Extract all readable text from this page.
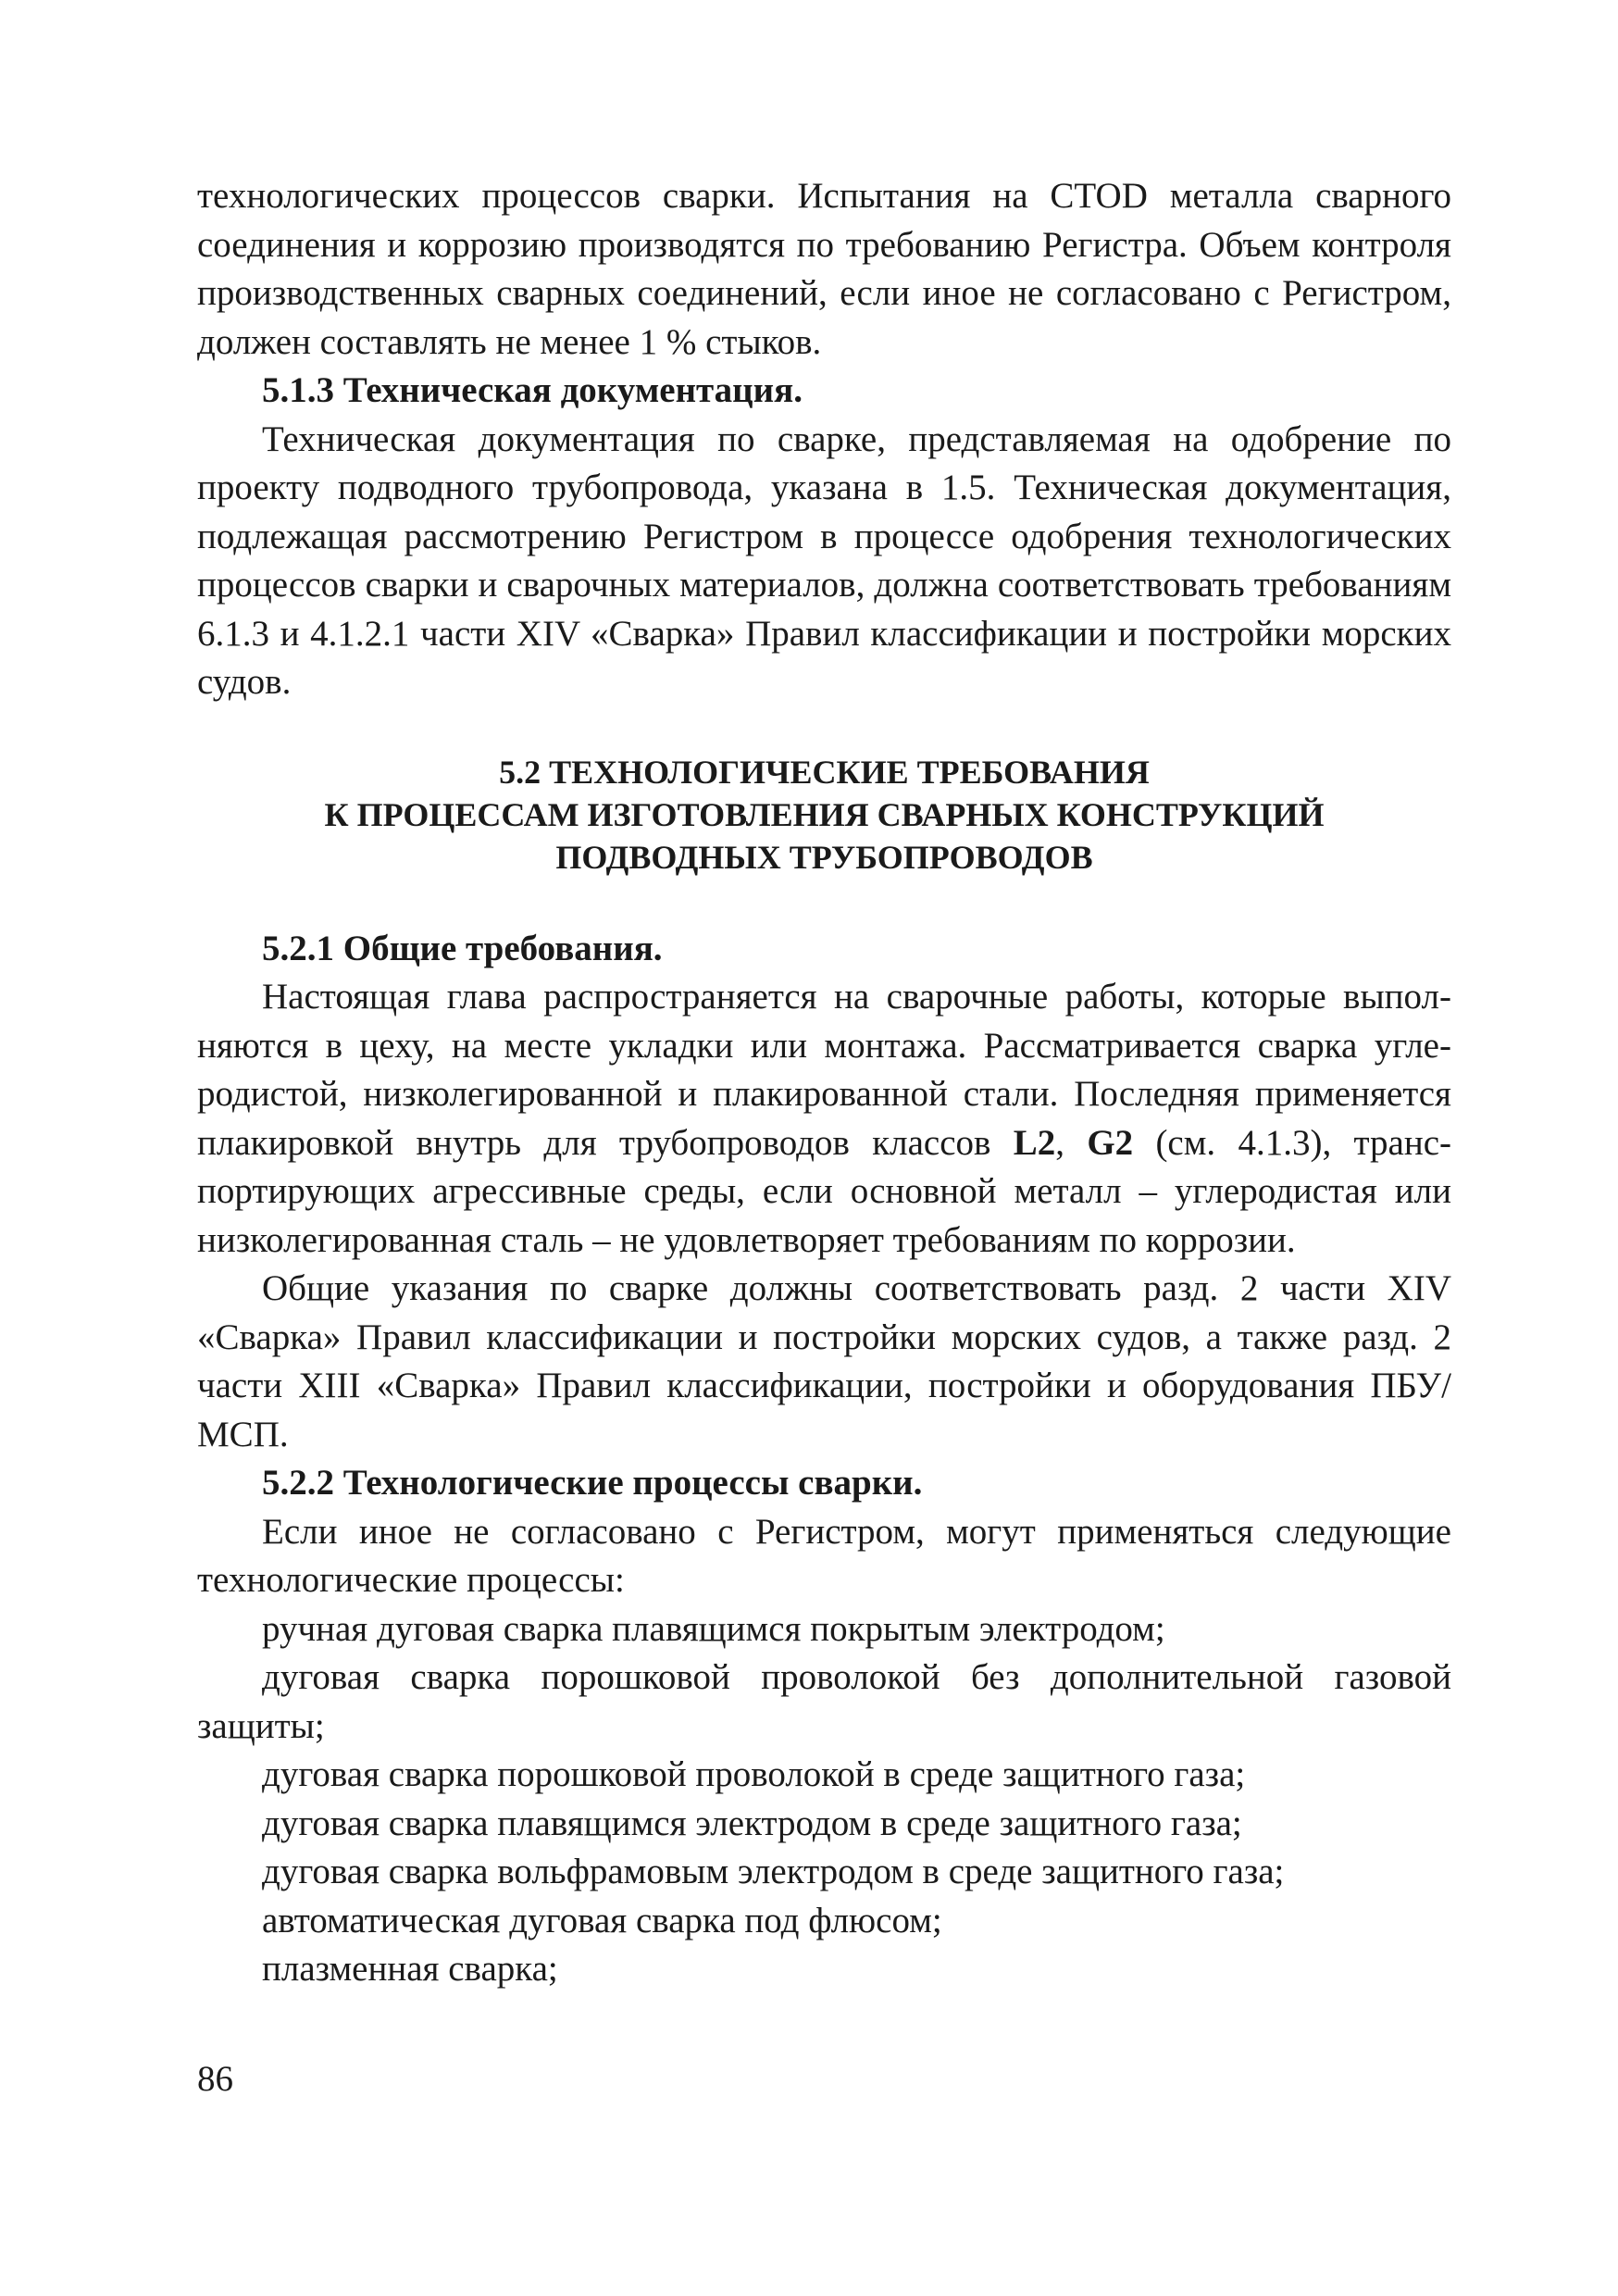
технологических процессов сварки. Испытания на CTOD металла сварного соединения и коррозию производятся по требованию Регистра. Объем контроля производственных сварных соединений, если иное не согласовано с Регистром, должен составлять не менее 1 % стыков.

5.1.3 Техническая документация.

Техническая документация по сварке, представляемая на одобрение по проекту подводного трубопровода, указана в 1.5. Техническая документация, подлежащая рассмотрению Регистром в процессе одобрения технологических процессов сварки и сварочных материалов, должна соответствовать требованиям 6.1.3 и 4.1.2.1 части XIV «Сварка» Правил классификации и постройки морских судов.

5.2 ТЕХНОЛОГИЧЕСКИЕ ТРЕБОВАНИЯ
К ПРОЦЕССАМ ИЗГОТОВЛЕНИЯ СВАРНЫХ КОНСТРУКЦИЙ
ПОДВОДНЫХ ТРУБОПРОВОДОВ

5.2.1 Общие требования.

Настоящая глава распространяется на сварочные работы, которые выполняются в цеху, на месте укладки или монтажа. Рассматривается сварка углеродистой, низколегированной и плакированной стали. Последняя применяется плакировкой внутрь для трубопроводов классов L2, G2 (см. 4.1.3), транспортирующих агрессивные среды, если основной металл – углеродистая или низколегированная сталь – не удовлетворяет требованиям по коррозии.

Общие указания по сварке должны соответствовать разд. 2 части XIV «Сварка» Правил классификации и постройки морских судов, а также разд. 2 части XIII «Сварка» Правил классификации, постройки и оборудования ПБУ/МСП.

5.2.2 Технологические процессы сварки.

Если иное не согласовано с Регистром, могут применяться следующие технологические процессы:

ручная дуговая сварка плавящимся покрытым электродом;
дуговая сварка порошковой проволокой без дополнительной газовой защиты;
дуговая сварка порошковой проволокой в среде защитного газа;
дуговая сварка плавящимся электродом в среде защитного газа;
дуговая сварка вольфрамовым электродом в среде защитного газа;
автоматическая дуговая сварка под флюсом;
плазменная сварка;
86
